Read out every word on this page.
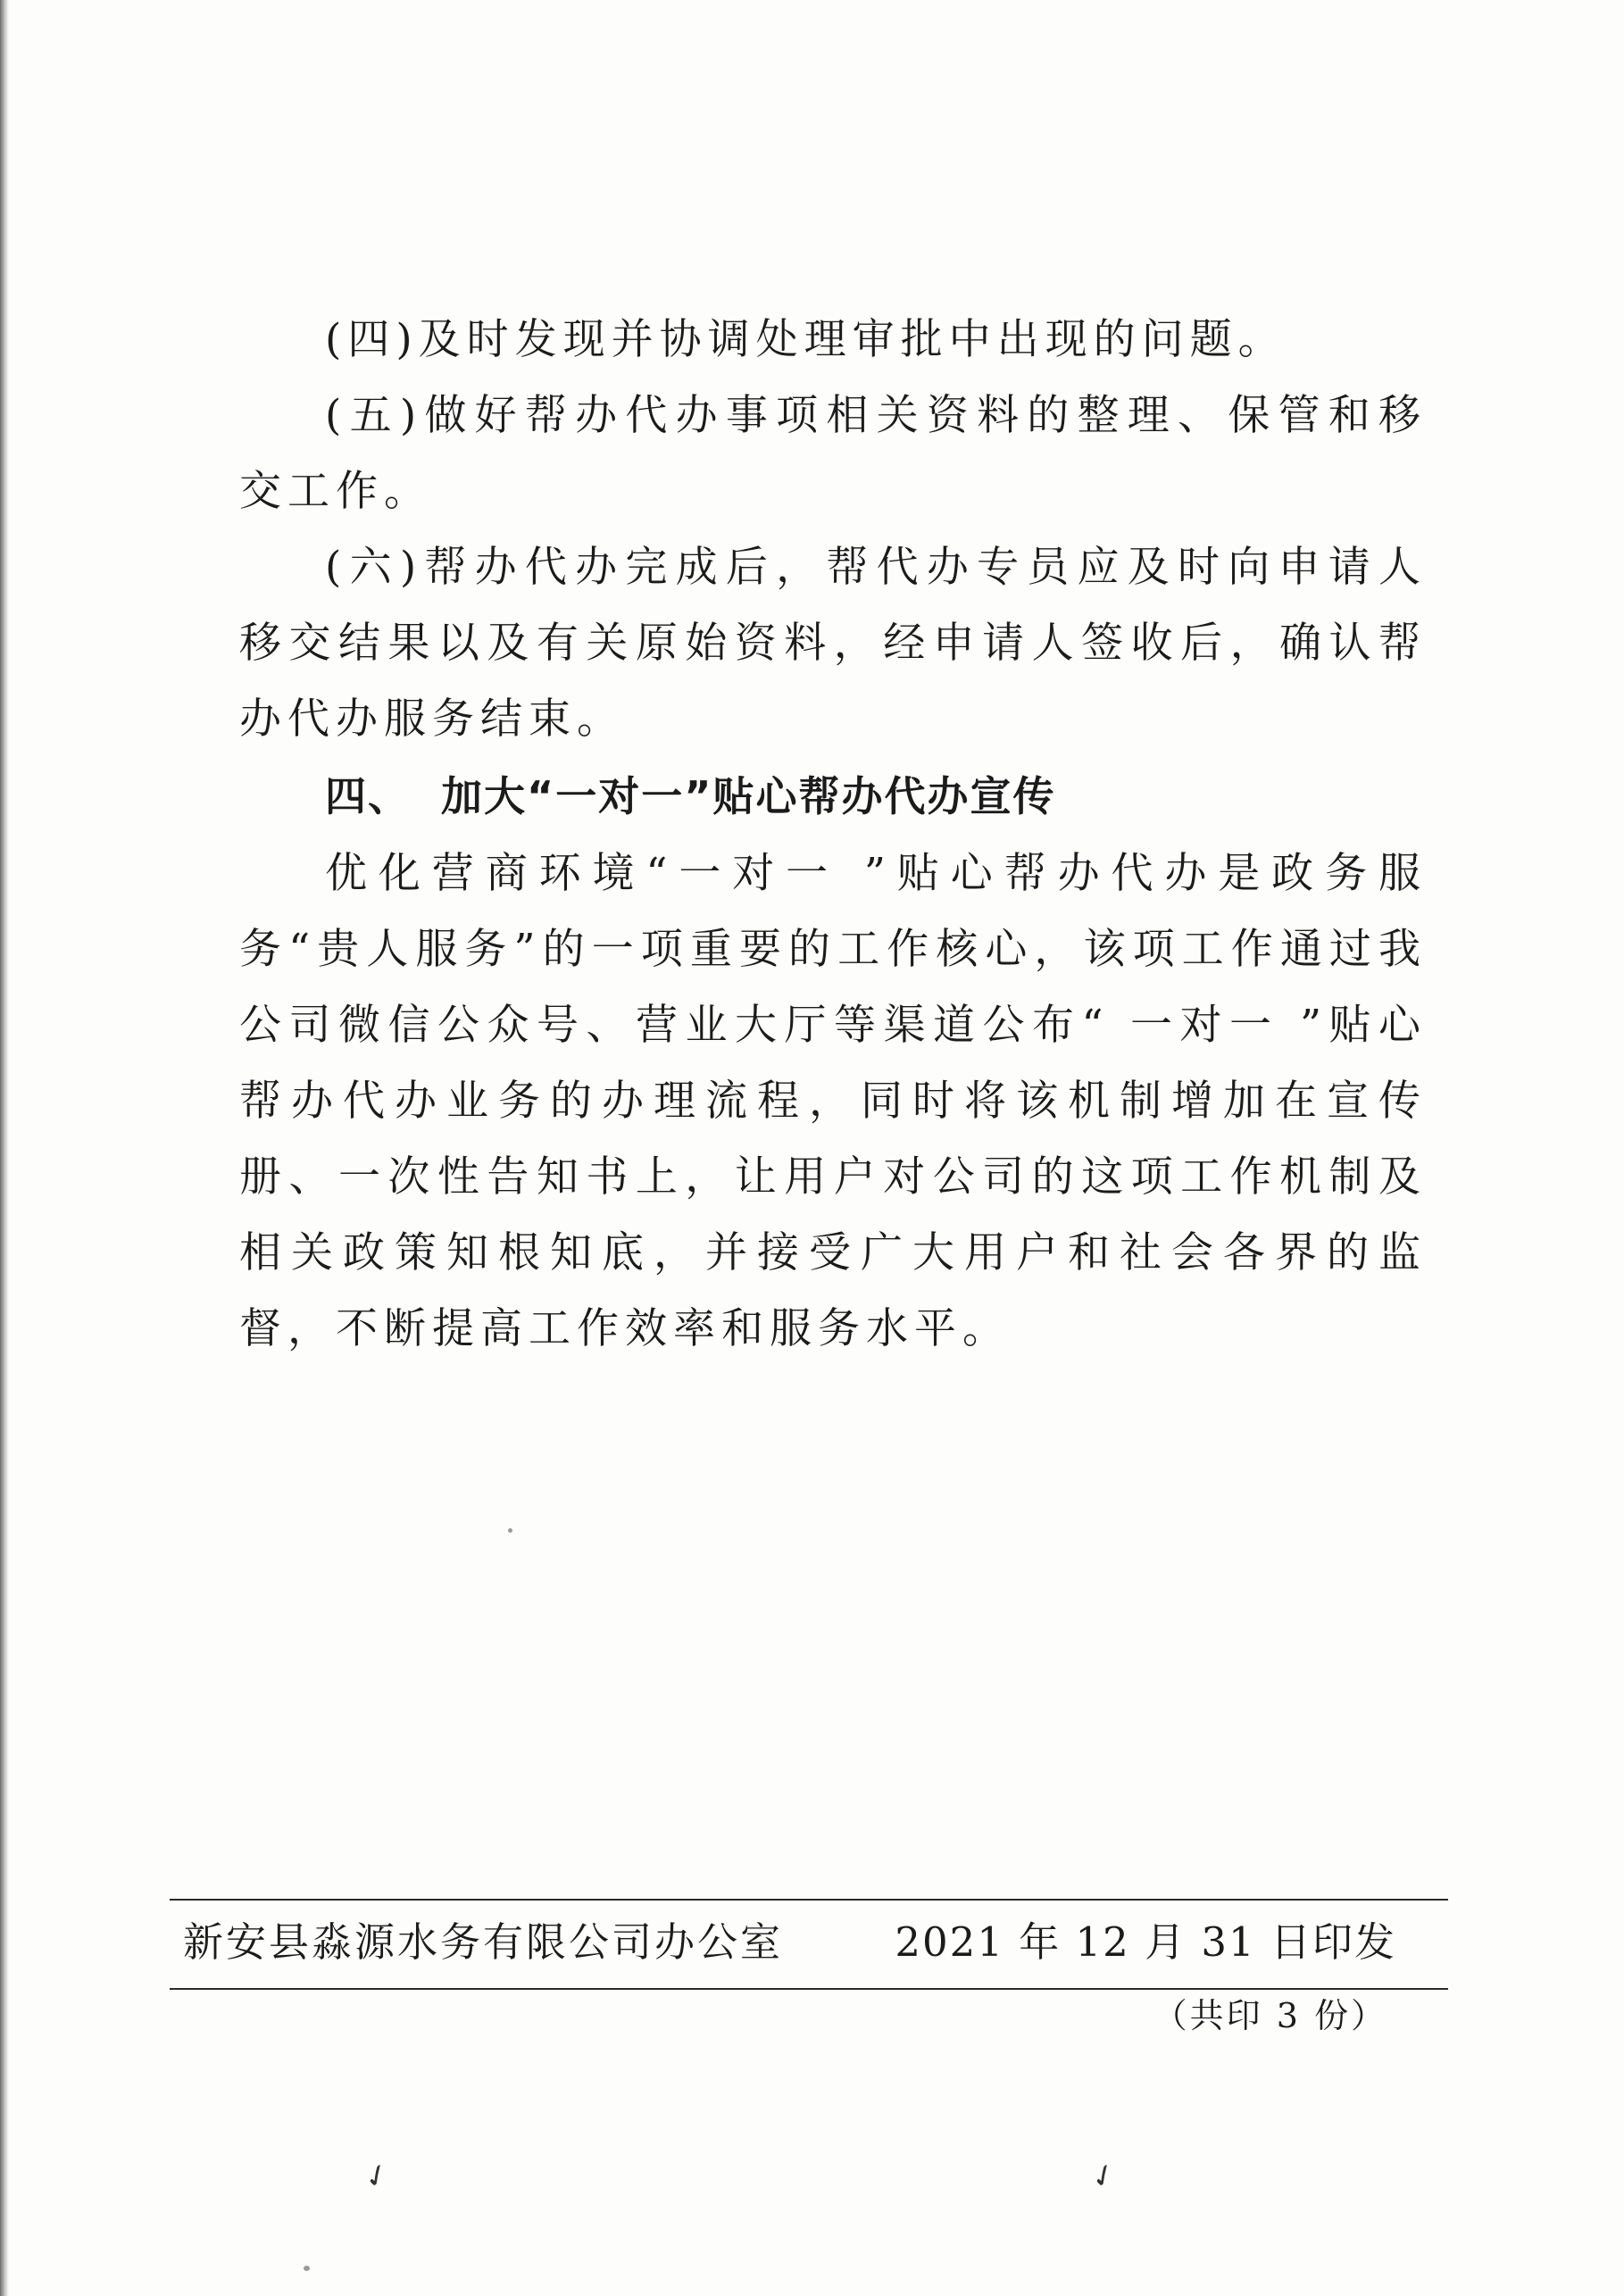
(四)及时发现并协调处理审批中出现的问题。

(五)做好帮办代办事项相关资料的整理、保管和移交工作。

(六)帮办代办完成后，帮代办专员应及时向申请人移交结果以及有关原始资料，经申请人签收后，确认帮办代办服务结束。

四、 加大“一对一”贴心帮办代办宣传

优化营商环境“一对一 ”贴心帮办代办是政务服务“贵人服务”的一项重要的工作核心，该项工作通过我公司微信公众号、营业大厅等渠道公布“ 一对一 ”贴心帮办代办业务的办理流程，同时将该机制增加在宣传册、一次性告知书上，让用户对公司的这项工作机制及相关政策知根知底，并接受广大用户和社会各界的监督，不断提高工作效率和服务水平。

新安县淼源水务有限公司办公室	2021 年 12 月 31 日印发
（共印 3 份）
✓	✓
